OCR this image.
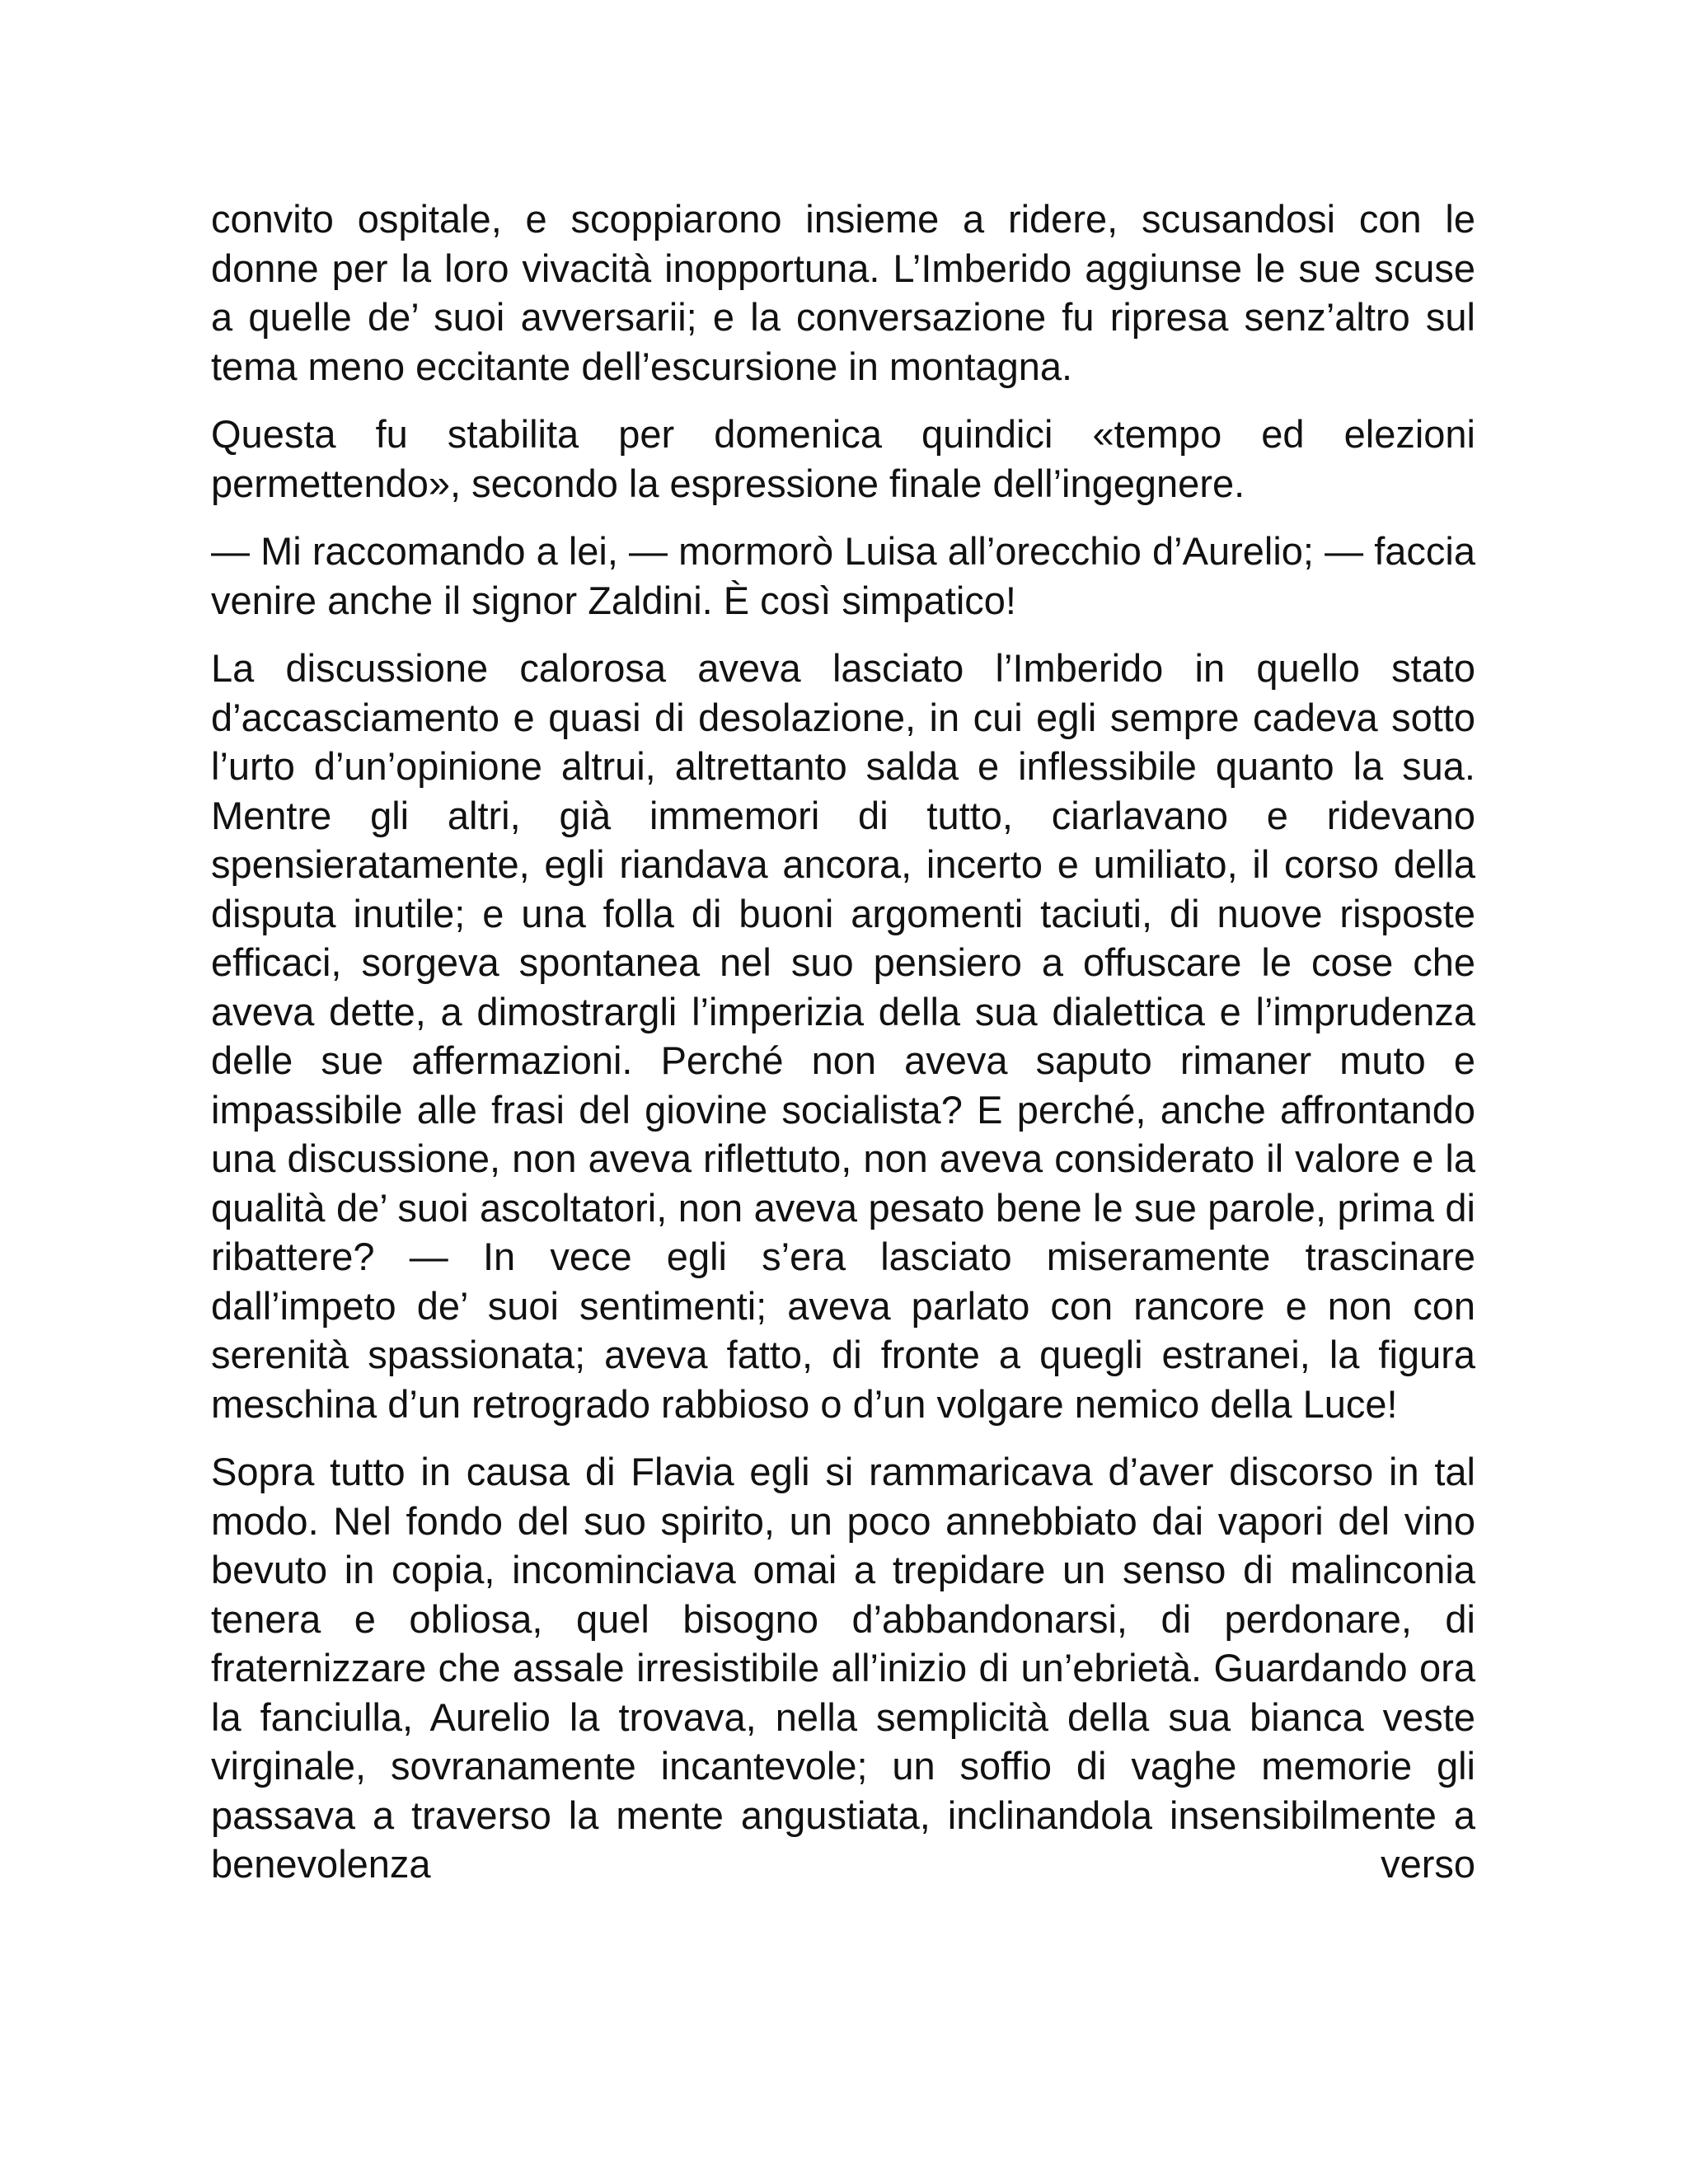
convito ospitale, e scoppiarono insieme a ridere, scusandosi con le donne per la loro vivacità inopportuna. L’Imberido aggiunse le sue scuse a quelle de’ suoi avversarii; e la conversazione fu ripresa senz’altro sul tema meno eccitante dell’escursione in montagna.

Questa fu stabilita per domenica quindici «tempo ed elezioni permettendo», secondo la espressione finale dell’ingegnere.

— Mi raccomando a lei, — mormorò Luisa all’orecchio d’Aurelio; — faccia venire anche il signor Zaldini. È così simpatico!

La discussione calorosa aveva lasciato l’Imberido in quello stato d’accasciamento e quasi di desolazione, in cui egli sempre cadeva sotto l’urto d’un’opinione altrui, altrettanto salda e inflessibile quanto la sua. Mentre gli altri, già immemori di tutto, ciarlavano e ridevano spensieratamente, egli riandava ancora, incerto e umiliato, il corso della disputa inutile; e una folla di buoni argomenti taciuti, di nuove risposte efficaci, sorgeva spontanea nel suo pensiero a offuscare le cose che aveva dette, a dimostrargli l’imperizia della sua dialettica e l’imprudenza delle sue affermazioni. Perché non aveva saputo rimaner muto e impassibile alle frasi del giovine socialista? E perché, anche affrontando una discussione, non aveva riflettuto, non aveva considerato il valore e la qualità de’ suoi ascoltatori, non aveva pesato bene le sue parole, prima di ribattere? — In vece egli s’era lasciato miseramente trascinare dall’impeto de’ suoi sentimenti; aveva parlato con rancore e non con serenità spassionata; aveva fatto, di fronte a quegli estranei, la figura meschina d’un retrogrado rabbioso o d’un volgare nemico della Luce!

Sopra tutto in causa di Flavia egli si rammaricava d’aver discorso in tal modo. Nel fondo del suo spirito, un poco annebbiato dai vapori del vino bevuto in copia, incominciava omai a trepidare un senso di malinconia tenera e obliosa, quel bisogno d’abbandonarsi, di perdonare, di fraternizzare che assale irresistibile all’inizio di un’ebrietà. Guardando ora la fanciulla, Aurelio la trovava, nella semplicità della sua bianca veste virginale, sovranamente incantevole; un soffio di vaghe memorie gli passava a traverso la mente angustiata, inclinandola insensibilmente a benevolenza verso
